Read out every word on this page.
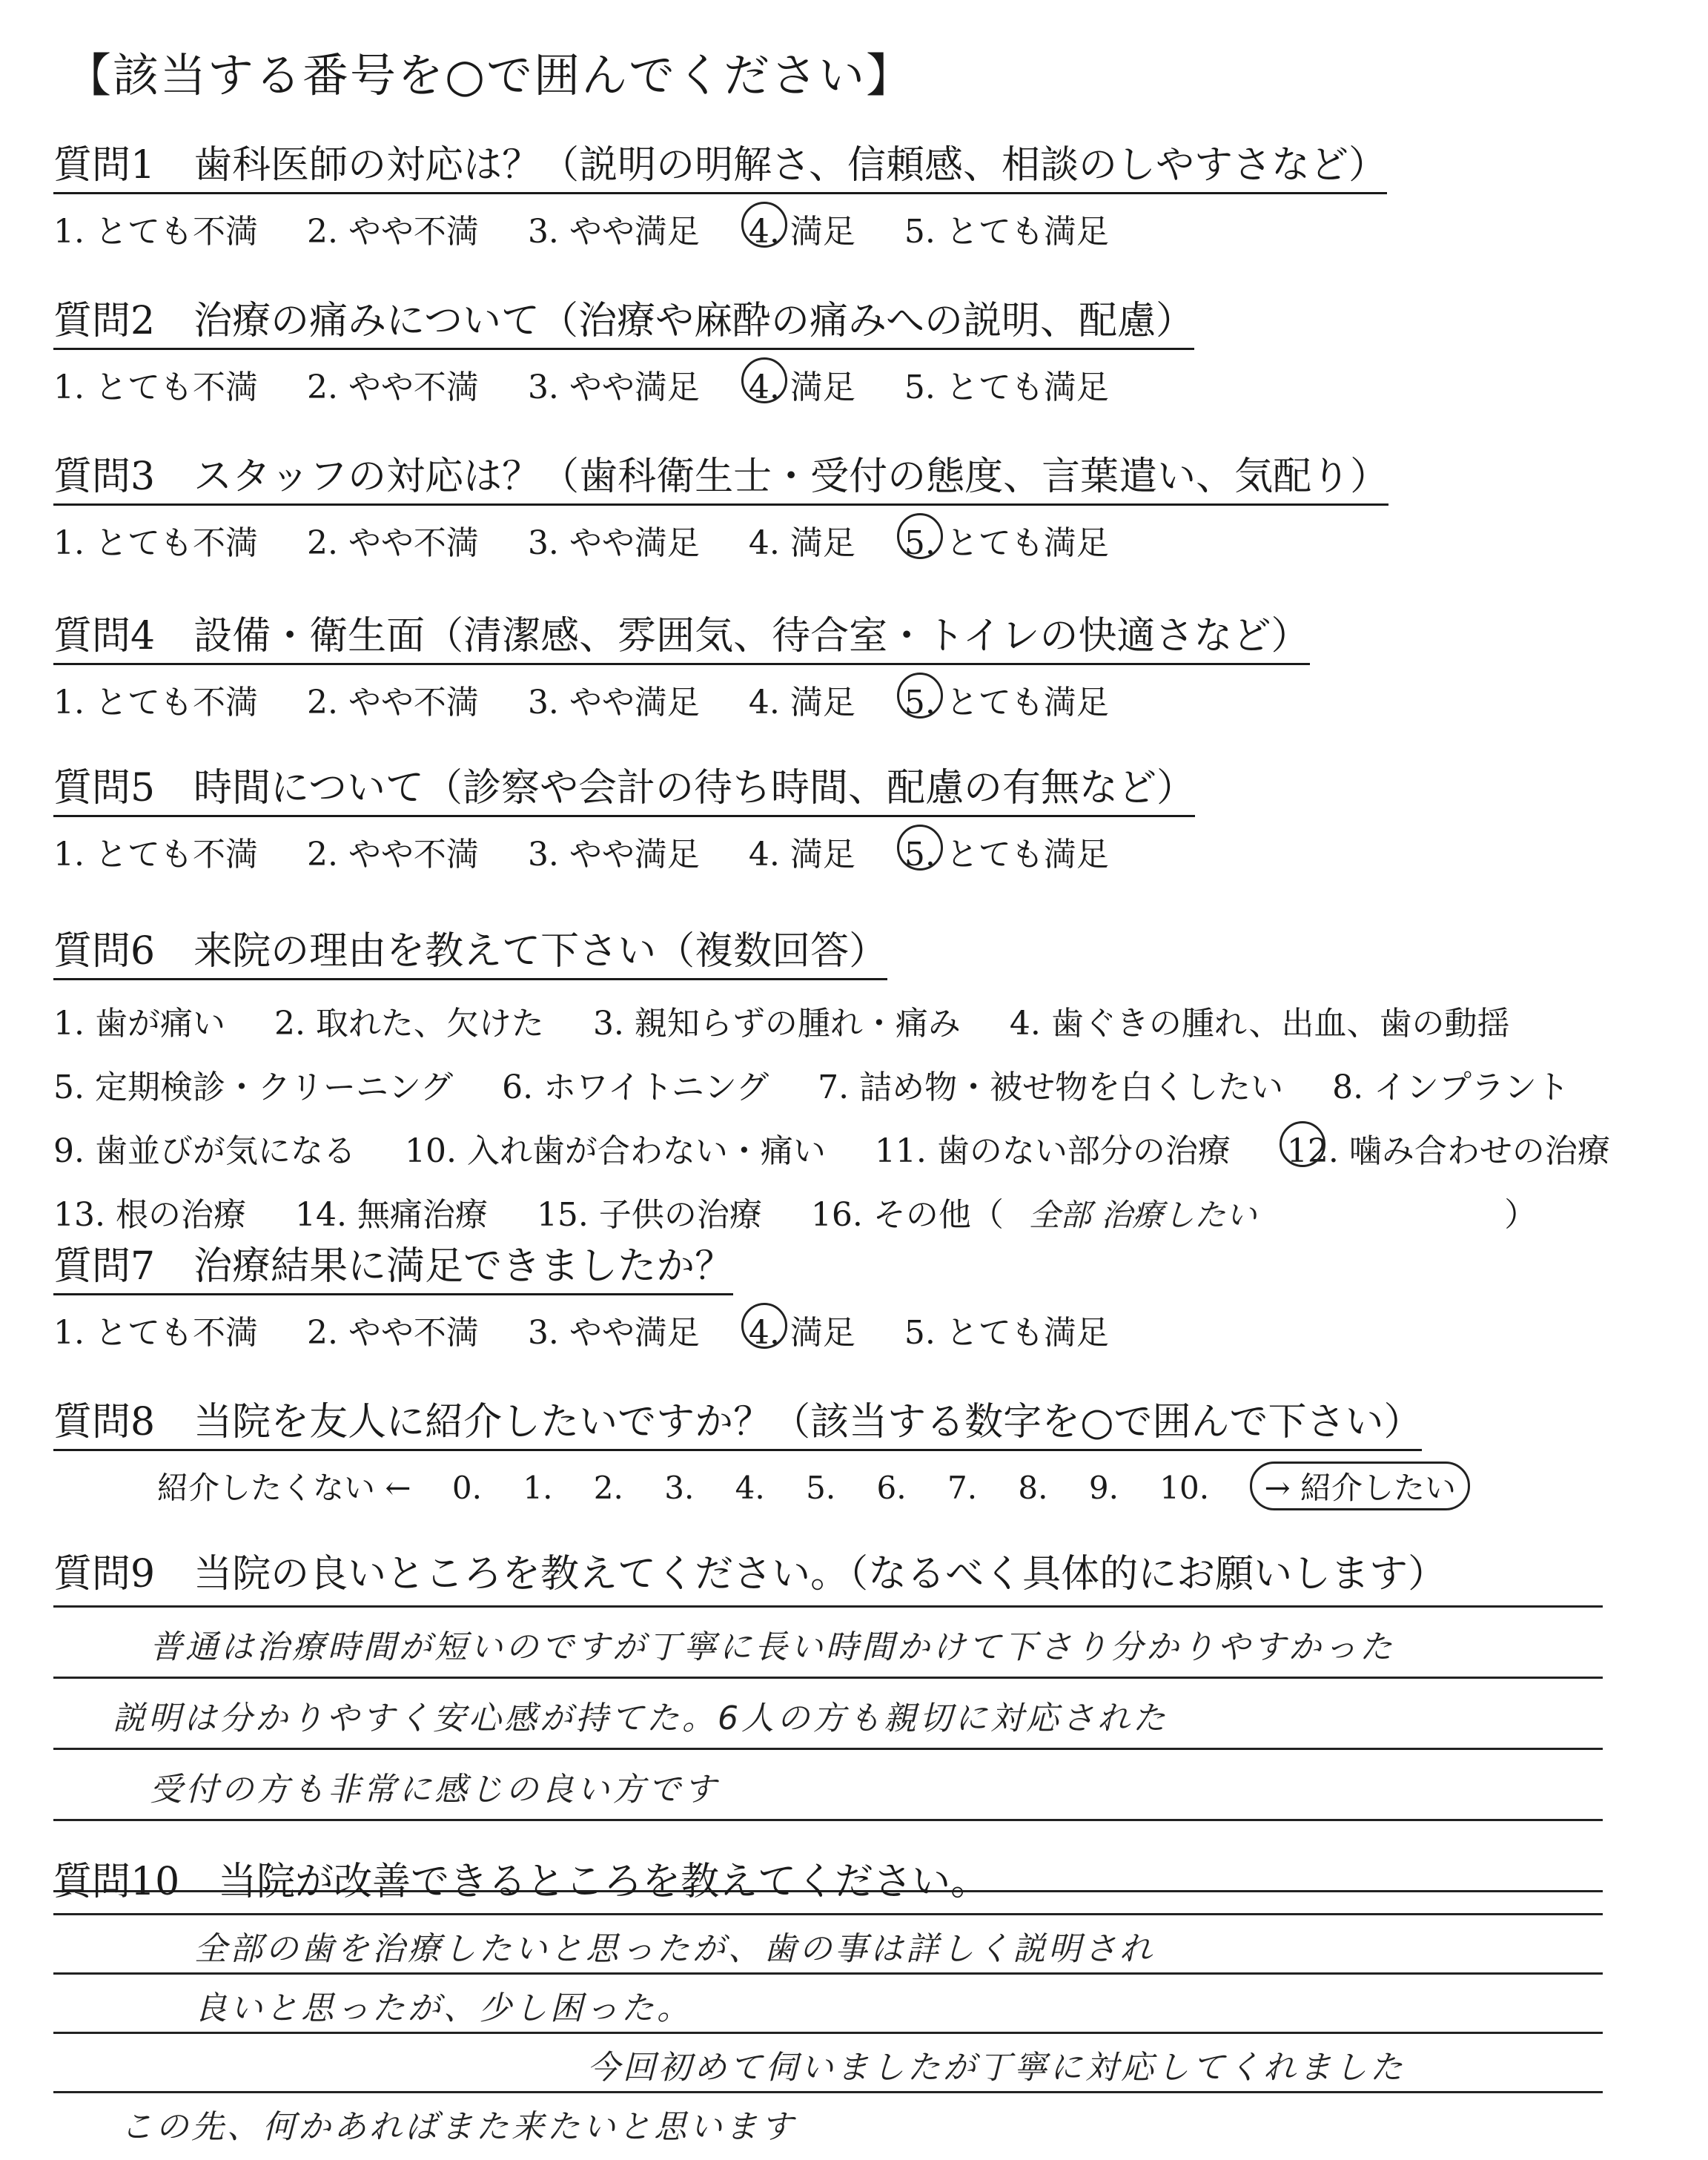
【該当する番号を○で囲んでください】
質問1　歯科医師の対応は？（説明の明解さ、信頼感、相談のしやすさなど）
1. とても不満 2. やや不満 3. やや満足 4. 満足 5. とても満足
質問2　治療の痛みについて（治療や麻酔の痛みへの説明、配慮）
1. とても不満 2. やや不満 3. やや満足 4. 満足 5. とても満足
質問3　スタッフの対応は？（歯科衛生士・受付の態度、言葉遣い、気配り）
1. とても不満 2. やや不満 3. やや満足 4. 満足 5. とても満足
質問4　設備・衛生面（清潔感、雰囲気、待合室・トイレの快適さなど）
1. とても不満 2. やや不満 3. やや満足 4. 満足 5. とても満足
質問5　時間について（診察や会計の待ち時間、配慮の有無など）
1. とても不満 2. やや不満 3. やや満足 4. 満足 5. とても満足
質問6　来院の理由を教えて下さい（複数回答）
1. 歯が痛い 2. 取れた、欠けた 3. 親知らずの腫れ・痛み 4. 歯ぐきの腫れ、出血、歯の動揺
5. 定期検診・クリーニング 6. ホワイトニング 7. 詰め物・被せ物を白くしたい 8. インプラント
9. 歯並びが気になる 10. 入れ歯が合わない・痛い 11. 歯のない部分の治療 12. 噛み合わせの治療
13. 根の治療 14. 無痛治療 15. 子供の治療 16. その他（ 全部 治療したい	）
質問7　治療結果に満足できましたか？
1. とても不満 2. やや不満 3. やや満足 4. 満足 5. とても満足
質問8　当院を友人に紹介したいですか？（該当する数字を○で囲んで下さい）
紹介したくない ← 0. 1. 2. 3. 4. 5. 6. 7. 8. 9. 10. → 紹介したい
質問9　当院の良いところを教えてください。（なるべく具体的にお願いします）
普通は治療時間が短いのですが丁寧に長い時間かけて下さり分かりやすかった
説明は分かりやすく安心感が持てた。6人の方も親切に対応された
受付の方も非常に感じの良い方です
質問10　当院が改善できるところを教えてください。
全部の歯を治療したいと思ったが、歯の事は詳しく説明され
良いと思ったが、少し困った。
今回初めて伺いましたが丁寧に対応してくれました
この先、何かあればまた来たいと思います
